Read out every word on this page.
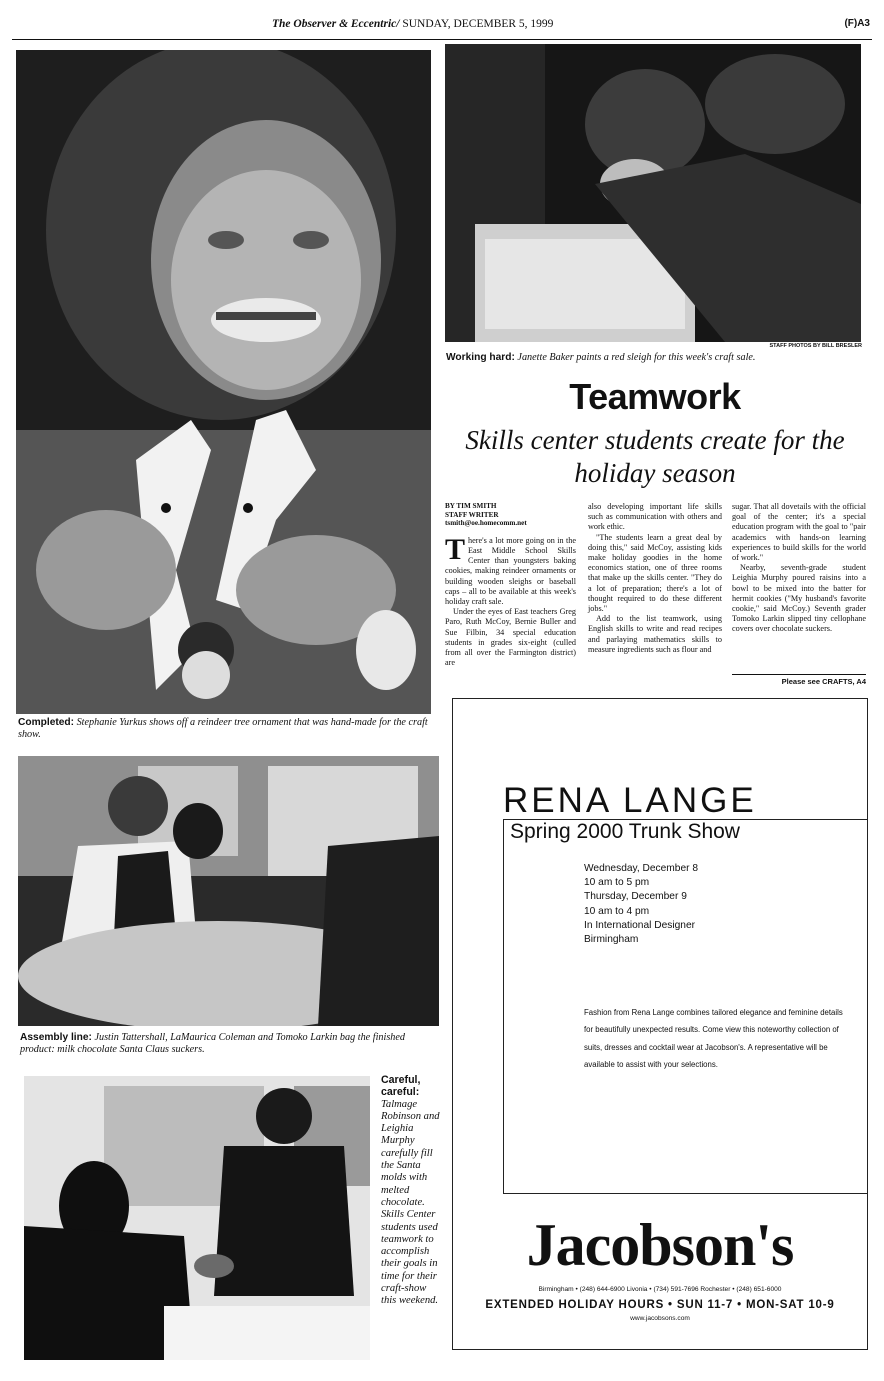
The Observer & Eccentric/ SUNDAY, DECEMBER 5, 1999	(F)A3
Completed: Stephanie Yurkus shows off a reindeer tree ornament that was hand-made for the craft show.
STAFF PHOTOS BY BILL BRESLER
Working hard: Janette Baker paints a red sleigh for this week's craft sale.
Teamwork
Skills center students create for the holiday season
BY TIM SMITH
STAFF WRITER
tsmith@oe.homecomm.net

There's a lot more going on in the East Middle School Skills Center than youngsters baking cookies, making reindeer ornaments or building wooden sleighs or baseball caps – all to be available at this week's holiday craft sale.

Under the eyes of East teachers Greg Paro, Ruth McCoy, Bernie Buller and Sue Filbin, 34 special education students in grades six-eight (culled from all over the Farmington district) are

also developing important life skills such as communication with others and work ethic.

"The students learn a great deal by doing this," said McCoy, assisting kids make holiday goodies in the home economics station, one of three rooms that make up the skills center. "They do a lot of preparation; there's a lot of thought required to do these different jobs."

Add to the list teamwork, using English skills to write and read recipes and parlaying mathematics skills to measure ingredients such as flour and

sugar. That all dovetails with the official goal of the center; it's a special education program with the goal to "pair academics with hands-on learning experiences to build skills for the world of work."

Nearby, seventh-grade student Leighia Murphy poured raisins into a bowl to be mixed into the batter for hermit cookies ("My husband's favorite cookie," said McCoy.) Seventh grader Tomoko Larkin slipped tiny cellophane covers over chocolate suckers.

Please see CRAFTS, A4
Assembly line: Justin Tattershall, LaMaurica Coleman and Tomoko Larkin bag the finished product: milk chocolate Santa Claus suckers.
Careful, careful:
Talmage Robinson and Leighia Murphy carefully fill the Santa molds with melted chocolate. Skills Center students used teamwork to accomplish their goals in time for their craft-show this weekend.
RENA LANGE
Spring 2000 Trunk Show
Wednesday, December 8
10 am to 5 pm
Thursday, December 9
10 am to 4 pm
In International Designer
Birmingham
Fashion from Rena Lange combines tailored elegance and feminine details for beautifully unexpected results. Come view this noteworthy collection of suits, dresses and cocktail wear at Jacobson's. A representative will be available to assist with your selections.
Jacobson's
Birmingham • (248) 644-6900 Livonia • (734) 591-7696 Rochester • (248) 651-6000
EXTENDED HOLIDAY HOURS • SUN 11-7 • MON-SAT 10-9
www.jacobsons.com
